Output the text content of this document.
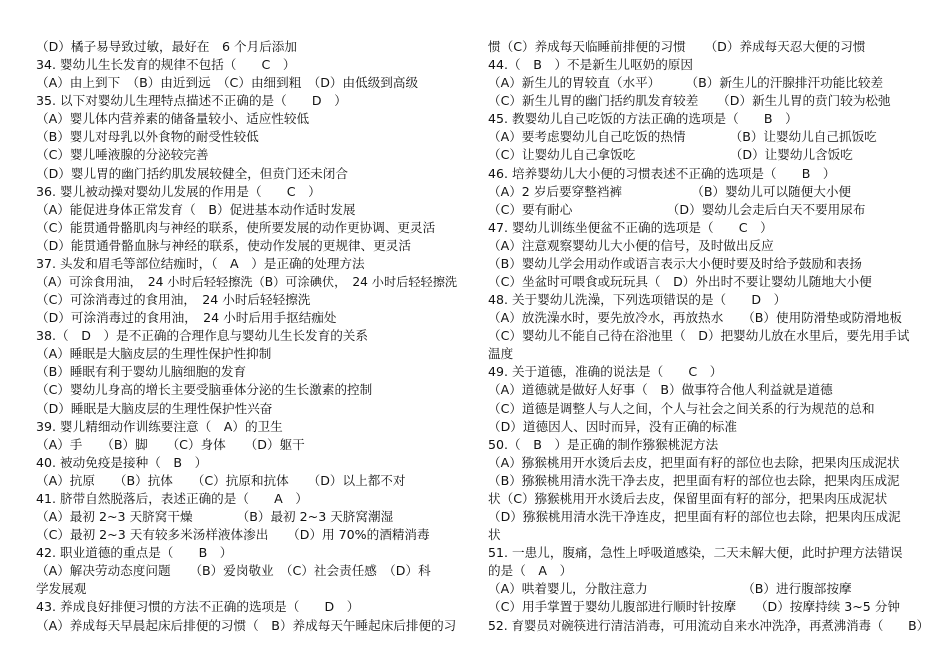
（D）橘子易导致过敏，最好在　6 个月后添加
34. 婴幼儿生长发育的规律不包括（　　C　）
（A）由上到下　（B）由近到远　（C）由细到粗　（D）由低级到高级
35. 以下对婴幼儿生理特点描述不正确的是（　　D　）
（A）婴儿体内营养素的储备量较小、适应性较低
（B）婴儿对母乳以外食物的耐受性较低
（C）婴儿唾液腺的分泌较完善
（D）婴儿胃的幽门括约肌发展较健全，但贲门还未闭合
36. 婴儿被动操对婴幼儿发展的作用是（　　C　）
（A）能促进身体正常发育（　B）促进基本动作适时发展
（C）能贯通骨骼肌肉与神经的联系，使所要发展的动作更协调、更灵活
（D）能贯通骨骼血脉与神经的联系，使动作发展的更规律、更灵活
37. 头发和眉毛等部位结痂时，（　A　）是正确的处理方法
（A）可涂食用油，　24 小时后轻轻擦洗（B）可涂碘伏，　24 小时后轻轻擦洗
（C）可涂消毒过的食用油，　24 小时后轻轻擦洗
（D）可涂消毒过的食用油，　24 小时后用手抠结痂处
38.（　D　）是不正确的合理作息与婴幼儿生长发育的关系
（A）睡眠是大脑皮层的生理性保护性抑制
（B）睡眠有利于婴幼儿脑细胞的发育
（C）婴幼儿身高的增长主要受脑垂体分泌的生长激素的控制
（D）睡眠是大脑皮层的生理性保护性兴奋
39. 婴儿精细动作训练要注意（　A）的卫生
（A）手　　（B）脚　　（C）身体　　（D）躯干
40. 被动免疫是接种（　B　）
（A）抗原　　（B）抗体　　（C）抗原和抗体　　（D）以上都不对
41. 脐带自然脱落后，表述正确的是（　　A　）
（A）最初 2~3 天脐窝干燥　　　　（B）最初 2~3 天脐窝潮湿
（C）最初 2~3 天有较多米汤样液体渗出　　（D）用 70%的酒精消毒
42. 职业道德的重点是（　　B　）
（A）解决劳动态度问题　　（B）爱岗敬业　（C）社会责任感　（D）科
学发展观
43. 养成良好排便习惯的方法不正确的选项是（　　D　）
（A）养成每天早晨起床后排便的习惯（　B）养成每天午睡起床后排便的习
惯（C）养成每天临睡前排便的习惯　　（D）养成每天忍大便的习惯
44.（　B　）不是新生儿呕奶的原因
（A）新生儿的胃较直（水平）　　　（B）新生儿的汗腺排汗功能比较差
（C）新生儿胃的幽门括约肌发育较差　　（D）新生儿胃的贲门较为松弛
45. 教婴幼儿自己吃饭的方法正确的选项是（　　B　）
（A）要考虑婴幼儿自己吃饭的热情　　　　（B）让婴幼儿自己抓饭吃
（C）让婴幼儿自己拿饭吃　　　　　　　　（D）让婴幼儿含饭吃
46. 培养婴幼儿大小便的习惯表述不正确的选项是（　　B　）
（A）2 岁后要穿整裆裤　　　　　　（B）婴幼儿可以随便大小便
（C）要有耐心　　　　　　　　（D）婴幼儿会走后白天不要用尿布
47. 婴幼儿训练坐便盆不正确的选项是（　　C　）
（A）注意观察婴幼儿大小便的信号，及时做出反应
（B）婴幼儿学会用动作或语言表示大小便时要及时给予鼓励和表扬
（C）坐盆时可喂食或玩玩具（　D）外出时不要让婴幼儿随地大小便
48. 关于婴幼儿洗澡，下列选项错误的是（　　D　）
（A）放洗澡水时，要先放冷水，再放热水　　（B）使用防滑垫或防滑地板
（C）婴幼儿不能自己待在浴池里（　D）把婴幼儿放在水里后，要先用手试
温度
49. 关于道德，准确的说法是（　　C　）
（A）道德就是做好人好事（　B）做事符合他人利益就是道德
（C）道德是调整人与人之间，个人与社会之间关系的行为规范的总和
（D）道德因人、因时而异，没有正确的标准
50.（　B　）是正确的制作猕猴桃泥方法
（A）猕猴桃用开水烫后去皮，把里面有籽的部位也去除，把果肉压成泥状
（B）猕猴桃用清水洗干净去皮，把里面有籽的部位也去除，把果肉压成泥
状（C）猕猴桃用开水烫后去皮，保留里面有籽的部分，把果肉压成泥状
（D）猕猴桃用清水洗干净连皮，把里面有籽的部位也去除，把果肉压成泥
状
51. 一患儿，腹痛，急性上呼吸道感染，二天未解大便，此时护理方法错误
的是（　A　）
（A）哄着婴儿，分散注意力　　　　　　　　（B）进行腹部按摩
（C）用手掌置于婴幼儿腹部进行顺时针按摩　　（D）按摩持续 3~5 分钟
52. 育婴员对碗筷进行清洁消毒，可用流动自来水冲洗净，再煮沸消毒（　　B）
